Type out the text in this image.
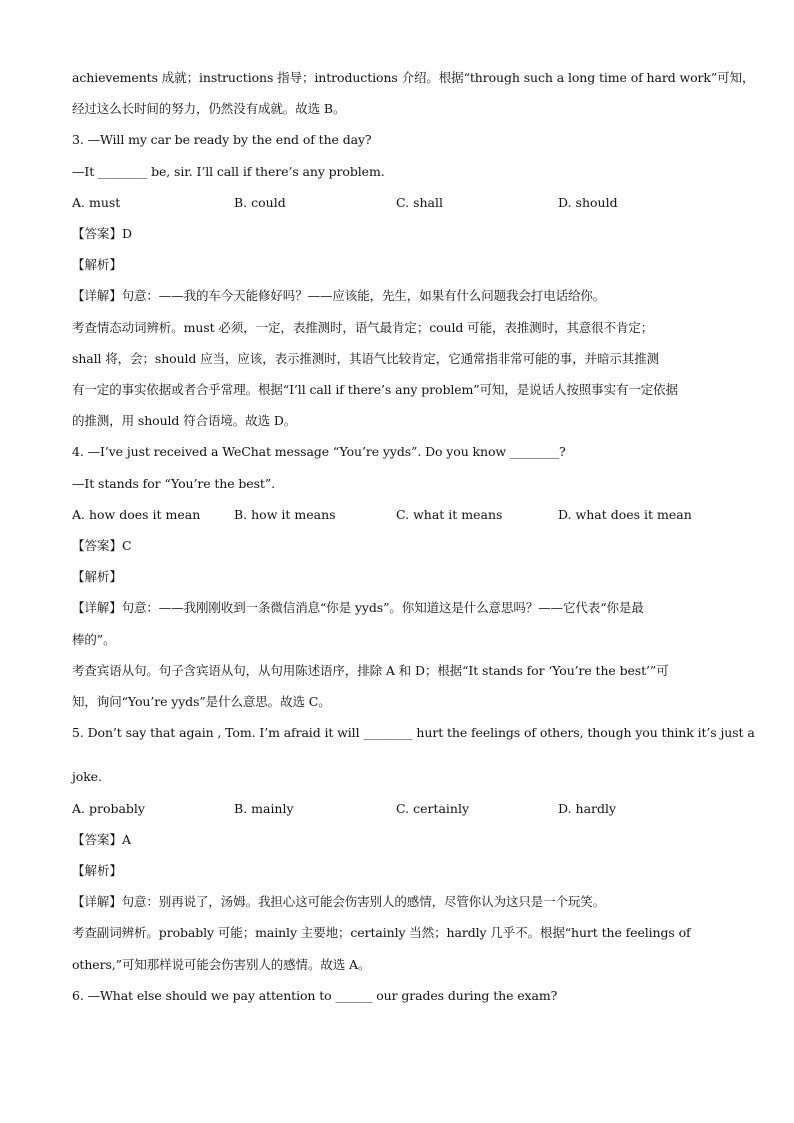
achievements 成就；instructions 指导；introductions 介绍。根据“through such a long time of hard work”可知，
经过这么长时间的努力，仍然没有成就。故选 B。
3. —Will my car be ready by the end of the day?
—It ________ be, sir. I’ll call if there’s any problem.
A. must	B. could	C. shall	D. should
【答案】D
【解析】
【详解】句意：——我的车今天能修好吗？——应该能，先生，如果有什么问题我会打电话给你。
考查情态动词辨析。must 必须，一定，表推测时，语气最肯定；could 可能，表推测时，其意很不肯定；
shall 将，会；should 应当，应该，表示推测时，其语气比较肯定，它通常指非常可能的事，并暗示其推测
有一定的事实依据或者合乎常理。根据“I’ll call if there’s any problem”可知，是说话人按照事实有一定依据
的推测，用 should 符合语境。故选 D。
4. —I’ve just received a WeChat message “You’re yyds”. Do you know ________?
—It stands for “You’re the best”.
A. how does it mean	B. how it means	C. what it means	D. what does it mean
【答案】C
【解析】
【详解】句意：——我刚刚收到一条微信消息“你是 yyds”。你知道这是什么意思吗？——它代表“你是最
棒的”。
考查宾语从句。句子含宾语从句，从句用陈述语序，排除 A 和 D；根据“It stands for ‘You’re the best’”可
知，询问“You’re yyds”是什么意思。故选 C。
5. Don’t say that again , Tom. I’m afraid it will ________ hurt the feelings of others, though you think it’s just a
joke.
A. probably	B. mainly	C. certainly	D. hardly
【答案】A
【解析】
【详解】句意：别再说了，汤姆。我担心这可能会伤害别人的感情，尽管你认为这只是一个玩笑。
考查副词辨析。probably 可能；mainly 主要地；certainly 当然；hardly 几乎不。根据“hurt the feelings of
others,”可知那样说可能会伤害别人的感情。故选 A。
6. —What else should we pay attention to ______ our grades during the exam?
